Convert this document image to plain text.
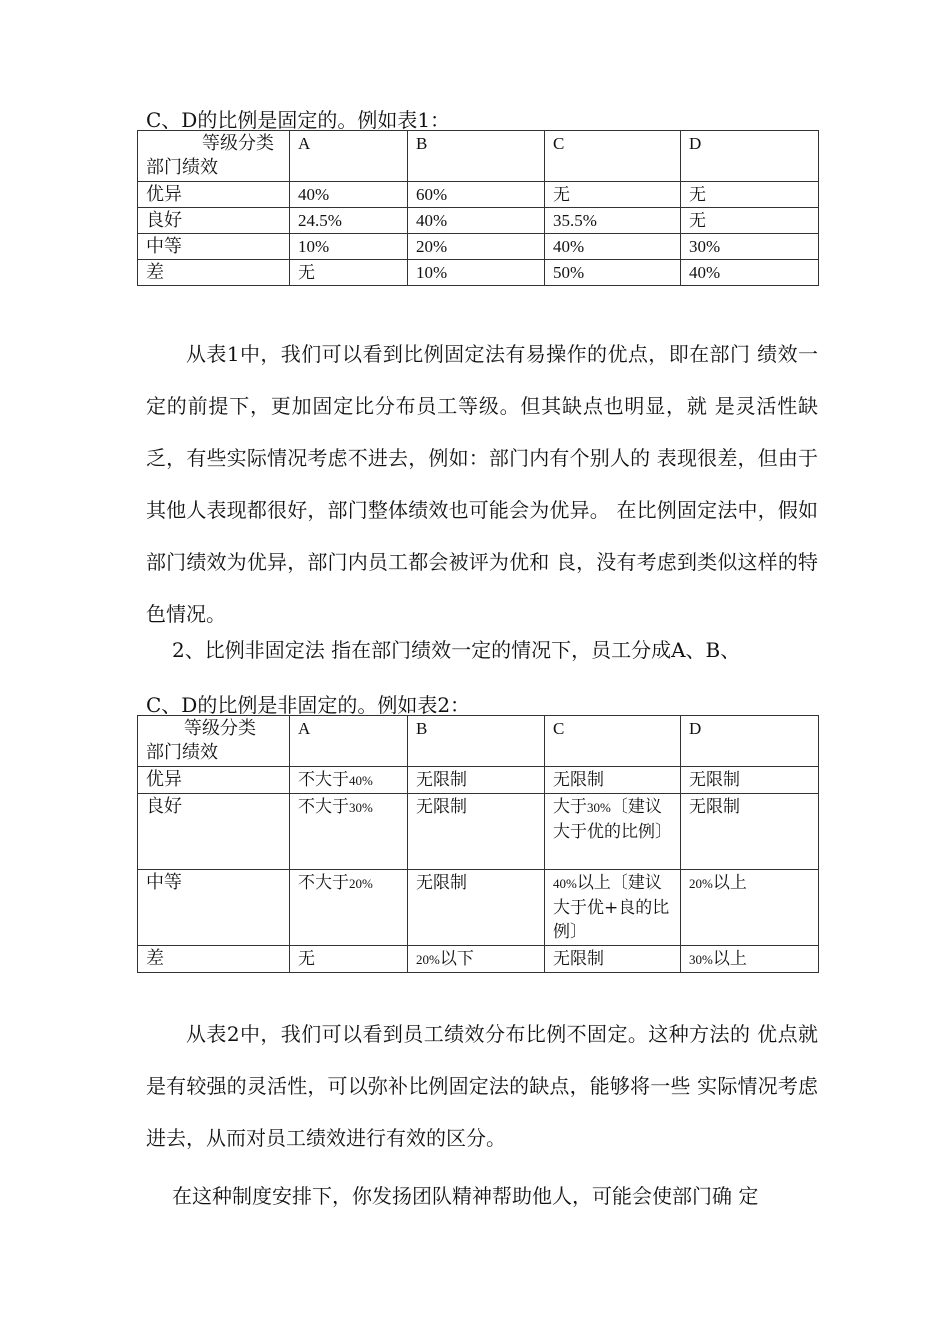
C、D的比例是固定的。例如表1：

等级分类
部门绩效	A	B	C	D
优异	40%	60%	无	无
良好	24.5%	40%	35.5%	无
中等	10%	20%	40%	30%
差	无	10%	50%	40%

从表1中，我们可以看到比例固定法有易操作的优点，即在部门 绩效一定的前提下，更加固定比分布员工等级。但其缺点也明显，就 是灵活性缺乏，有些实际情况考虑不进去，例如：部门内有个别人的 表现很差，但由于其他人表现都很好，部门整体绩效也可能会为优异。 在比例固定法中，假如部门绩效为优异，部门内员工都会被评为优和 良，没有考虑到类似这样的特色情况。

2、比例非固定法 指在部门绩效一定的情况下，员工分成A、B、

C、D的比例是非固定的。例如表2：

等级分类
部门绩效	A	B	C	D
优异	不大于40%	无限制	无限制	无限制
良好	不大于30%	无限制	大于30%〔建议大于优的比例〕	无限制
中等	不大于20%	无限制	40%以上〔建议大于优+良的比例〕	20%以上
差	无	20%以下	无限制	30%以上

从表2中，我们可以看到员工绩效分布比例不固定。这种方法的 优点就是有较强的灵活性，可以弥补比例固定法的缺点，能够将一些 实际情况考虑进去，从而对员工绩效进行有效的区分。

在这种制度安排下，你发扬团队精神帮助他人，可能会使部门确 定
